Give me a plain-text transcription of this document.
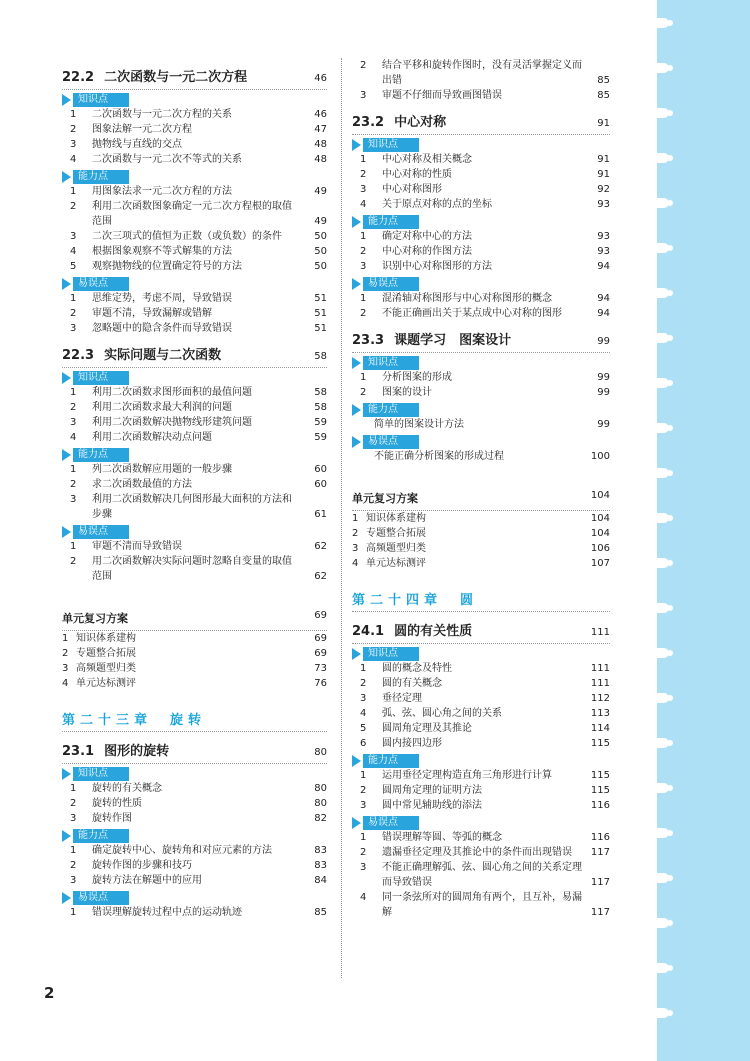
22.2 二次函数与一元二次方程	46
知识点
1	二次函数与一元二次方程的关系	46
2	图象法解一元二次方程	47
3	抛物线与直线的交点	48
4	二次函数与一元二次不等式的关系	48
能力点
1	用图象法求一元二次方程的方法	49
2	利用二次函数图象确定一元二次方程根的取值范围	49
3	二次三项式的值恒为正数（或负数）的条件	50
4	根据图象观察不等式解集的方法	50
5	观察抛物线的位置确定符号的方法	50
易误点
1	思维定势，考虑不周，导致错误	51
2	审题不清，导致漏解或错解	51
3	忽略题中的隐含条件而导致错误	51
22.3 实际问题与二次函数	58
知识点
1	利用二次函数求图形面积的最值问题	58
2	利用二次函数求最大利润的问题	58
3	利用二次函数解决抛物线形建筑问题	59
4	利用二次函数解决动点问题	59
能力点
1	列二次函数解应用题的一般步骤	60
2	求二次函数最值的方法	60
3	利用二次函数解决几何图形最大面积的方法和步骤	61
易误点
1	审题不清而导致错误	62
2	用二次函数解决实际问题时忽略自变量的取值范围	62
单元复习方案	69
1 知识体系建构	69
2 专题整合拓展	69
3 高频题型归类	73
4 单元达标测评	76
第二十三章　旋转
23.1 图形的旋转	80
知识点
1	旋转的有关概念	80
2	旋转的性质	80
3	旋转作图	82
能力点
1	确定旋转中心、旋转角和对应元素的方法	83
2	旋转作图的步骤和技巧	83
3	旋转方法在解题中的应用	84
易误点
1	错误理解旋转过程中点的运动轨迹	85
2	结合平移和旋转作图时，没有灵活掌握定义而出错	85
3	审题不仔细而导致画图错误	85
23.2 中心对称	91
知识点
1	中心对称及相关概念	91
2	中心对称的性质	91
3	中心对称图形	92
4	关于原点对称的点的坐标	93
能力点
1	确定对称中心的方法	93
2	中心对称的作图方法	93
3	识别中心对称图形的方法	94
易误点
1	混淆轴对称图形与中心对称图形的概念	94
2	不能正确画出关于某点成中心对称的图形	94
23.3 课题学习　图案设计	99
知识点
1	分析图案的形成	99
2	图案的设计	99
能力点
简单的图案设计方法	99
易误点
不能正确分析图案的形成过程	100
单元复习方案	104
1 知识体系建构	104
2 专题整合拓展	104
3 高频题型归类	106
4 单元达标测评	107
第二十四章　圆
24.1 圆的有关性质	111
知识点
1	圆的概念及特性	111
2	圆的有关概念	111
3	垂径定理	112
4	弧、弦、圆心角之间的关系	113
5	圆周角定理及其推论	114
6	圆内接四边形	115
能力点
1	运用垂径定理构造直角三角形进行计算	115
2	圆周角定理的证明方法	115
3	圆中常见辅助线的添法	116
易误点
1	错误理解等圆、等弧的概念	116
2	遗漏垂径定理及其推论中的条件而出现错误	117
3	不能正确理解弧、弦、圆心角之间的关系定理而导致错误	117
4	同一条弦所对的圆周角有两个，且互补，易漏解	117
2
